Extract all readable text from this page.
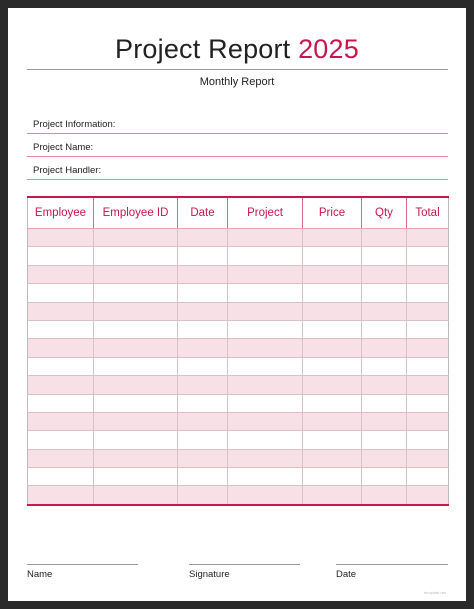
Project Report 2025
Monthly Report
Project Information:
Project Name:
Project Handler:
Employee	Employee ID	Date	Project	Price	Qty	Total

Name	Signature	Date
template.net
